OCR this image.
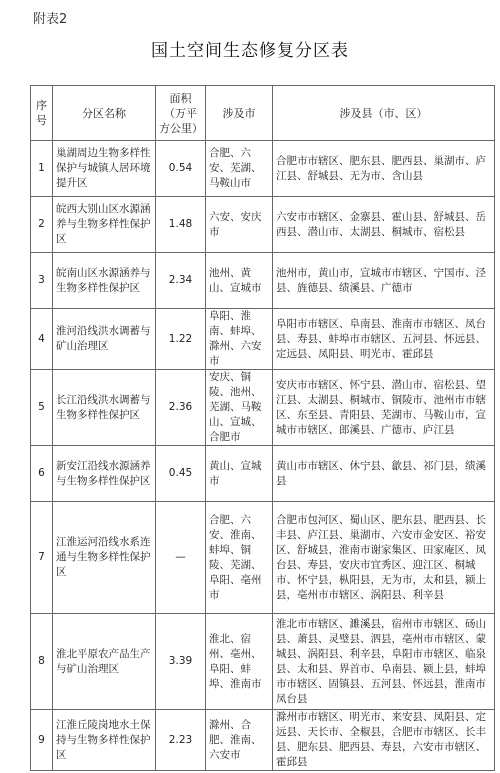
附表2
国土空间生态修复分区表
序号	分区名称	面积（万平方公里）	涉及市	涉及县（市、区）
1	巢湖周边生物多样性保护与城镇人居环境提升区	0.54	合肥、六安、芜湖、马鞍山市	合肥市市辖区、肥东县、肥西县、巢湖市、庐江县、舒城县、无为市、含山县
2	皖西大别山区水源涵养与生物多样性保护区	1.48	六安、安庆市	六安市市辖区、金寨县、霍山县、舒城县、岳西县、潜山市、太湖县、桐城市、宿松县
3	皖南山区水源涵养与生物多样性保护区	2.34	池州、黄山、宣城市	池州市，黄山市，宣城市市辖区、宁国市、泾县、旌德县、绩溪县、广德市
4	淮河沿线洪水调蓄与矿山治理区	1.22	阜阳、淮南、蚌埠、滁州、六安市	阜阳市市辖区、阜南县、淮南市市辖区、凤台县、寿县、蚌埠市市辖区、五河县、怀远县、定远县、凤阳县、明光市、霍邱县
5	长江沿线洪水调蓄与生物多样性保护区	2.36	安庆、铜陵、池州、芜湖、马鞍山、宣城、合肥市	安庆市市辖区、怀宁县、潜山市、宿松县、望江县、太湖县、桐城市、铜陵市、池州市市辖区、东至县、青阳县、芜湖市、马鞍山市，宣城市市辖区、郎溪县、广德市、庐江县
6	新安江沿线水源涵养与生物多样性保护区	0.45	黄山、宣城市	黄山市市辖区、休宁县、歙县、祁门县，绩溪县
7	江淮运河沿线水系连通与生物多样性保护区	—	合肥、六安、淮南、蚌埠、铜陵、芜湖、阜阳、亳州市	合肥市包河区、蜀山区、肥东县、肥西县、长丰县、庐江县、巢湖市、六安市金安区、裕安区、舒城县，淮南市谢家集区、田家庵区、凤台县、寿县，安庆市宜秀区、迎江区、桐城市、怀宁县，枞阳县，无为市，太和县，颍上县，亳州市市辖区、涡阳县、利辛县
8	淮北平原农产品生产与矿山治理区	3.39	淮北、宿州、亳州、阜阳、蚌埠、淮南市	淮北市市辖区、濉溪县，宿州市市辖区、砀山县、萧县、灵璧县、泗县，亳州市市辖区、蒙城县、涡阳县、利辛县，阜阳市市辖区、临泉县、太和县、界首市、阜南县、颍上县，蚌埠市市辖区、固镇县、五河县、怀远县，淮南市凤台县
9	江淮丘陵岗地水土保持与生物多样性保护区	2.23	滁州、合肥、淮南、六安市	滁州市市辖区、明光市、来安县、凤阳县、定远县、天长市、全椒县，合肥市市辖区、长丰县、肥东县、肥西县、寿县，六安市市辖区、霍邱县
